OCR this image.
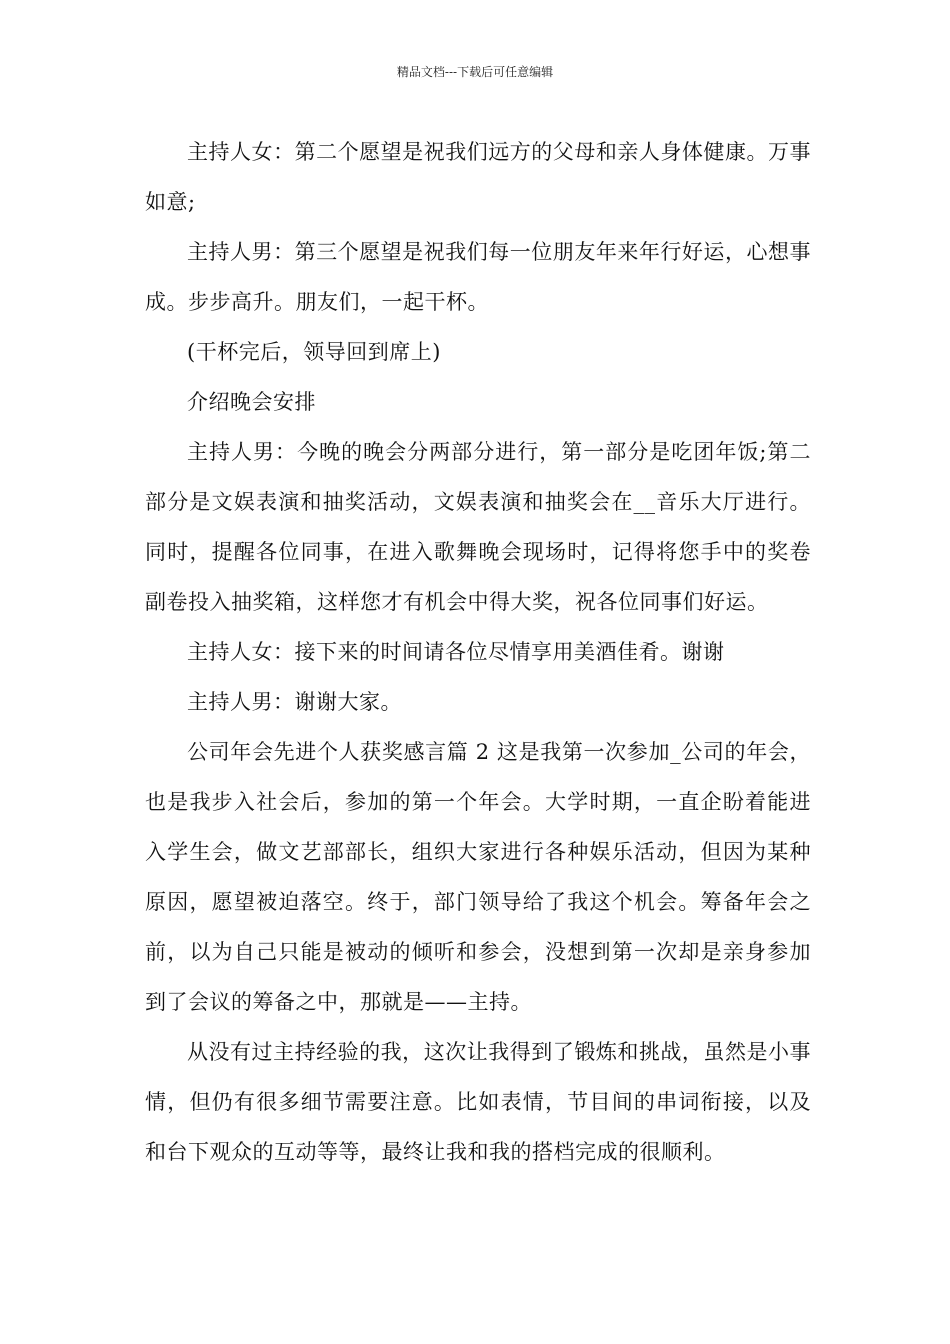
精品文档---下载后可任意编辑

主持人女：第二个愿望是祝我们远方的父母和亲人身体健康。万事如意;

主持人男：第三个愿望是祝我们每一位朋友年来年行好运，心想事成。步步高升。朋友们，一起干杯。

(干杯完后，领导回到席上)

介绍晚会安排

主持人男：今晚的晚会分两部分进行，第一部分是吃团年饭;第二部分是文娱表演和抽奖活动，文娱表演和抽奖会在__音乐大厅进行。同时，提醒各位同事，在进入歌舞晚会现场时，记得将您手中的奖卷副卷投入抽奖箱，这样您才有机会中得大奖，祝各位同事们好运。

主持人女：接下来的时间请各位尽情享用美酒佳肴。谢谢

主持人男：谢谢大家。

公司年会先进个人获奖感言篇 2 这是我第一次参加_公司的年会，也是我步入社会后，参加的第一个年会。大学时期，一直企盼着能进入学生会，做文艺部部长，组织大家进行各种娱乐活动，但因为某种原因，愿望被迫落空。终于，部门领导给了我这个机会。筹备年会之前，以为自己只能是被动的倾听和参会，没想到第一次却是亲身参加到了会议的筹备之中，那就是——主持。

从没有过主持经验的我，这次让我得到了锻炼和挑战，虽然是小事情，但仍有很多细节需要注意。比如表情，节目间的串词衔接，以及和台下观众的互动等等，最终让我和我的搭档完成的很顺利。
